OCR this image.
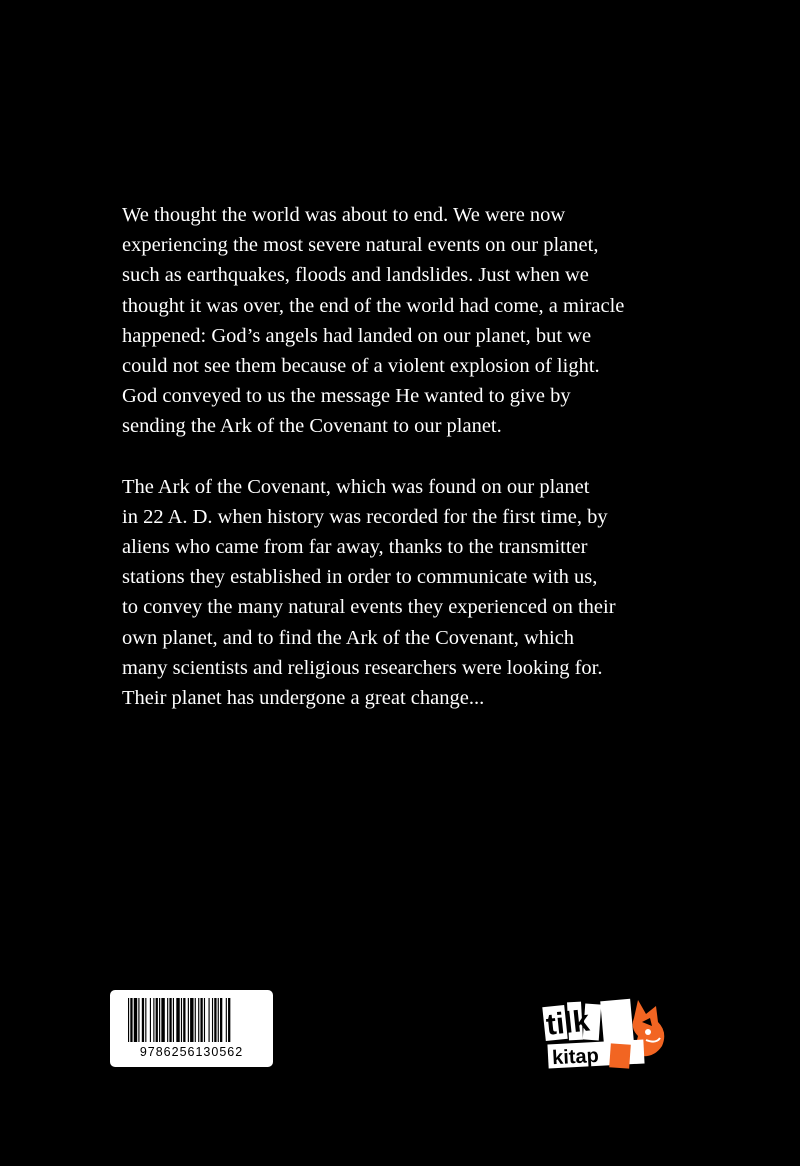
We thought the world was about to end. We were now
experiencing the most severe natural events on our planet,
such as earthquakes, floods and landslides. Just when we
thought it was over, the end of the world had come, a miracle
happened: God’s angels had landed on our planet, but we
could not see them because of a violent explosion of light.
God conveyed to us the message He wanted to give by
sending the Ark of the Covenant to our planet.

The Ark of the Covenant, which was found on our planet
in 22 A. D. when history was recorded for the first time, by
aliens who came from far away, thanks to the transmitter
stations they established in order to communicate with us,
to convey the many natural events they experienced on their
own planet, and to find the Ark of the Covenant, which
many scientists and religious researchers were looking for.
Their planet has undergone a great change...

9786256130562
tilk
kitap
